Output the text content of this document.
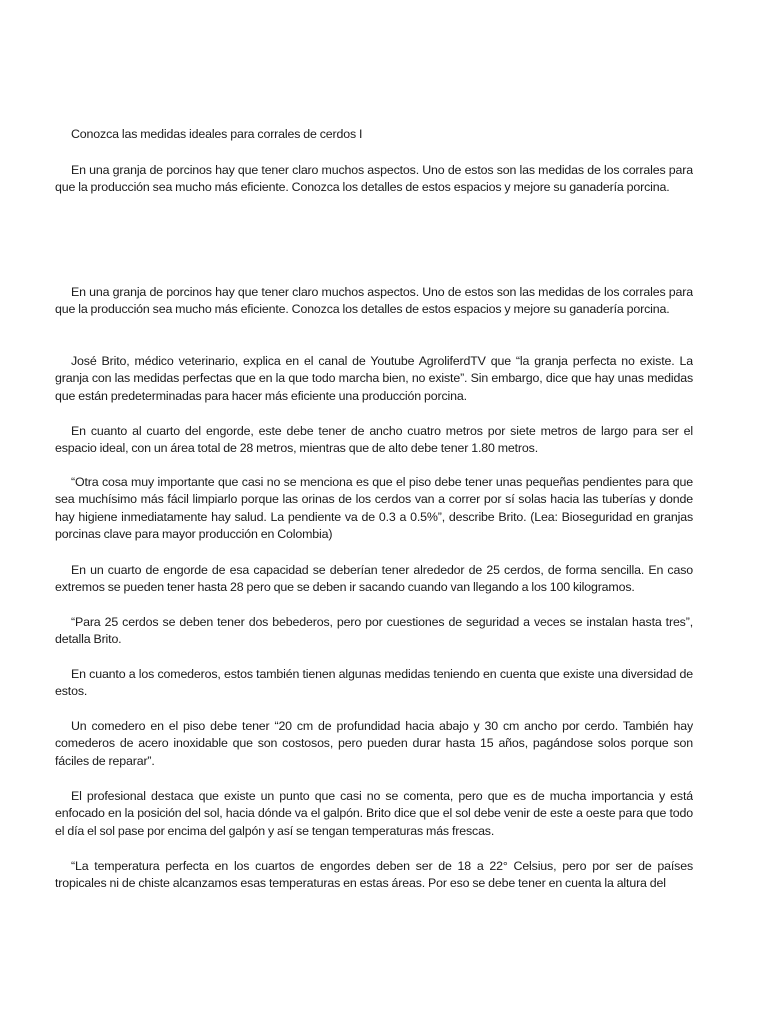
Conozca las medidas ideales para corrales de cerdos I

En una granja de porcinos hay que tener claro muchos aspectos. Uno de estos son las medidas de los corrales para que la producción sea mucho más eficiente. Conozca los detalles de estos espacios y mejore su ganadería porcina.

En una granja de porcinos hay que tener claro muchos aspectos. Uno de estos son las medidas de los corrales para que la producción sea mucho más eficiente. Conozca los detalles de estos espacios y mejore su ganadería porcina.

José Brito, médico veterinario, explica en el canal de Youtube AgroliferdTV que “la granja perfecta no existe. La granja con las medidas perfectas que en la que todo marcha bien, no existe”. Sin embargo, dice que hay unas medidas que están predeterminadas para hacer más eficiente una producción porcina.

En cuanto al cuarto del engorde, este debe tener de ancho cuatro metros por siete metros de largo para ser el espacio ideal, con un área total de 28 metros, mientras que de alto debe tener 1.80 metros.

“Otra cosa muy importante que casi no se menciona es que el piso debe tener unas pequeñas pendientes para que sea muchísimo más fácil limpiarlo porque las orinas de los cerdos van a correr por sí solas hacia las tuberías y donde hay higiene inmediatamente hay salud. La pendiente va de 0.3 a 0.5%”, describe Brito. (Lea: Bioseguridad en granjas porcinas clave para mayor producción en Colombia)

En un cuarto de engorde de esa capacidad se deberían tener alrededor de 25 cerdos, de forma sencilla. En caso extremos se pueden tener hasta 28 pero que se deben ir sacando cuando van llegando a los 100 kilogramos.

“Para 25 cerdos se deben tener dos bebederos, pero por cuestiones de seguridad a veces se instalan hasta tres”, detalla Brito.

En cuanto a los comederos, estos también tienen algunas medidas teniendo en cuenta que existe una diversidad de estos.

Un comedero en el piso debe tener “20 cm de profundidad hacia abajo y 30 cm ancho por cerdo. También hay comederos de acero inoxidable que son costosos, pero pueden durar hasta 15 años, pagándose solos porque son fáciles de reparar”.

El profesional destaca que existe un punto que casi no se comenta, pero que es de mucha importancia y está enfocado en la posición del sol, hacia dónde va el galpón. Brito dice que el sol debe venir de este a oeste para que todo el día el sol pase por encima del galpón y así se tengan temperaturas más frescas.

“La temperatura perfecta en los cuartos de engordes deben ser de 18 a 22° Celsius, pero por ser de países tropicales ni de chiste alcanzamos esas temperaturas en estas áreas. Por eso se debe tener en cuenta la altura del
